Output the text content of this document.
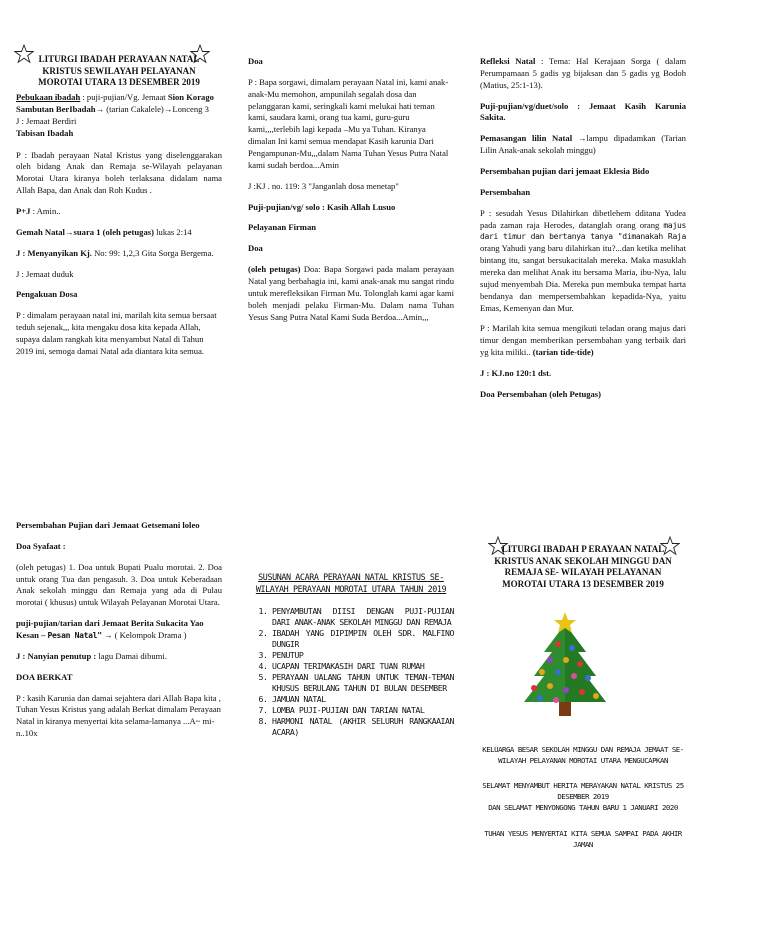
LITURGI IBADAH PERAYAAN NATAL KRISTUS SEWILAYAH PELAYANAN MOROTAI UTARA 13 DESEMBER 2019

Pebukaan ibadah : puji-pujian/Vg. Jemaat Sion Korago

Sambutan BerIbadah→ (tarian Cakalele)→Lonceng 3

J : Jemaat Berdiri

Tabisan Ibadah

P : Ibadah perayaan Natal Kristus yang diselenggarakan oleh bidang Anak dan Remaja se-Wilayah pelayanan Morotai Utara kiranya boleh terlaksana didalam nama Allah Bapa, dan Anak dan Roh Kudus .

P+J : Amin..

Gemah Natal→suara 1 (oleh petugas) lukas 2:14

J : Menyanyikan Kj. No: 99: 1,2,3 Gita Sorga Bergema.

J : Jemaat duduk

Pengakuan Dosa

P : dimalam perayaan natal ini, marilah kita semua bersaat teduh sejenak,,, kita mengaku dosa kita kepada Allah, supaya dalam rangkah kita menyambut Natal di Tahun 2019 ini, semoga damai Natal ada diantara kita semua.

Doa

P : Bapa sorgawi, dimalam perayaan Natal ini, kami anak-anak-Mu memohon, ampunilah segalah dosa dan pelanggaran kami, seringkali kami melukai hati teman kami, saudara kami, orang tua kami, guru-guru kami,,,,terlebih lagi kepada –Mu ya Tuhan. Kiranya dimalan Ini kami semua mendapat Kasih karunia Dari Pengampunan-Mu,,,dalam Nama Tuhan Yesus Putra Natal kami sudah berdoa...Amin

J :KJ . no. 119: 3 "Janganlah dosa menetap"

Puji-pujian/vg/ solo : Kasih Allah Lusuo

Pelayanan Firman

Doa

(oleh petugas) Doa: Bapa Sorgawi pada malam perayaan Natal yang berbahagia ini, kami anak-anak mu sangat rindu untuk merefleksikan Firman Mu. Tolonglah kami agar kami boleh menjadi pelaku Firman-Mu. Dalam nama Tuhan Yesus Sang Putra Natal Kami Suda Berdoa...Amin,,,

Refleksi Natal : Tema: Hal Kerajaan Sorga ( dalam Perumpamaan 5 gadis yg bijaksan dan 5 gadis yg Bodoh (Matius, 25:1-13).

Puji-pujian/vg/duet/solo : Jemaat Kasih Karunia Sakita.

Pemasangan lilin Natal →lampu dipadamkan (Tarian Lilin Anak-anak sekolah minggu)

Persembahan pujian dari jemaat Eklesia Bido

Persembahan

P : sesudah Yesus Dilahirkan dibetlehem dditana Yudea pada zaman raja Herodes, datanglah orang orang majus dari timur dan bertanya tanya "dimanakah Raja orang Yahudi yang baru dilahirkan itu?...dan ketika melihat bintang itu, sangat bersukacitalah mereka. Maka masuklah mereka dan melihat Anak itu bersama Maria, ibu-Nya, lalu sujud menyembah Dia. Mereka pun membuka tempat harta bendanya dan mempersembahkan kepadida-Nya, yaitu Emas, Kemenyan dan Mur.

P : Marilah kita semua mengikuti teladan orang majus dari timur dengan memberikan persembahan yang terbaik dari yg kita miliki.. (tarian tide-tide)

J : KJ.no 120:1 dst.

Doa Persembahan (oleh Petugas)

Persembahan Pujian dari Jemaat Getsemani loleo

Doa Syafaat :

(oleh petugas) 1. Doa untuk Bupati Pualu morotai. 2. Doa untuk orang Tua dan pengasuh. 3. Doa untuk Keberadaan Anak sekolah minggu dan Remaja yang ada di Pulau morotai ( khusus) untuk Wilayah Pelayanan Morotai Utara.

puji-pujian/tarian dari Jemaat Berita Sukacita Yao Kesan – Pesan Natal" → ( Kelompok Drama )

J : Nanyian penutup : lagu Damai dibumi.

DOA BERKAT

P : kasih Karunia dan damai sejahtera dari Allah Bapa kita , Tuhan Yesus Kristus yang adalah Berkat dimalam Perayaan Natal in kiranya menyertai kita selama-lamanya ...A~ mi-n..10x

SUSUNAN ACARA PERAYAAN NATAL KRISTUS SE-WILAYAH PERAYAAN MOROTAI UTARA TAHUN 2019
1. PENYAMBUTAN DIISI DENGAN PUJI-PUJIAN DARI ANAK-ANAK SEKOLAH MINGGU DAN REMAJA
2. IBADAH YANG DIPIMPIN OLEH SDR. MALFINO DUNGIR
3. PENUTUP
4. UCAPAN TERIMAKASIH DARI TUAN RUMAH
5. PERAYAAN UALANG TAHUN UNTUK TEMAN-TEMAN KHUSUS BERULANG TAHUN DI BULAN DESEMBER
6. JAMUAN NATAL
7. LOMBA PUJI-PUJIAN DAN TARIAN NATAL
8. HARMONI NATAL (AKHIR SELURUH RANGKAAIAN ACARA)
LITURGI IBADAH P ERAYAAN NATAL KRISTUS ANAK SEKOLAH MINGGU DAN REMAJA SE- WILAYAH PELAYANAN MOROTAI UTARA 13 DESEMBER 2019
KELUARGA BESAR SEKOLAH MINGGU DAN REMAJA JEMAAT SE-WILAYAH PELAYANAN MOROTAI UTARA MENGUCAPKAN
SELAMAT MENYAMBUT HERITA MERAYAKAN NATAL KRISTUS 25 DESEMBER 2019
DAN SELAMAT MENYONGONG TAHUN BARU 1 JANUARI 2020
TUHAN YESUS MENYERTAI KITA SEMUA SAMPAI PADA AKHIR JAMAN
